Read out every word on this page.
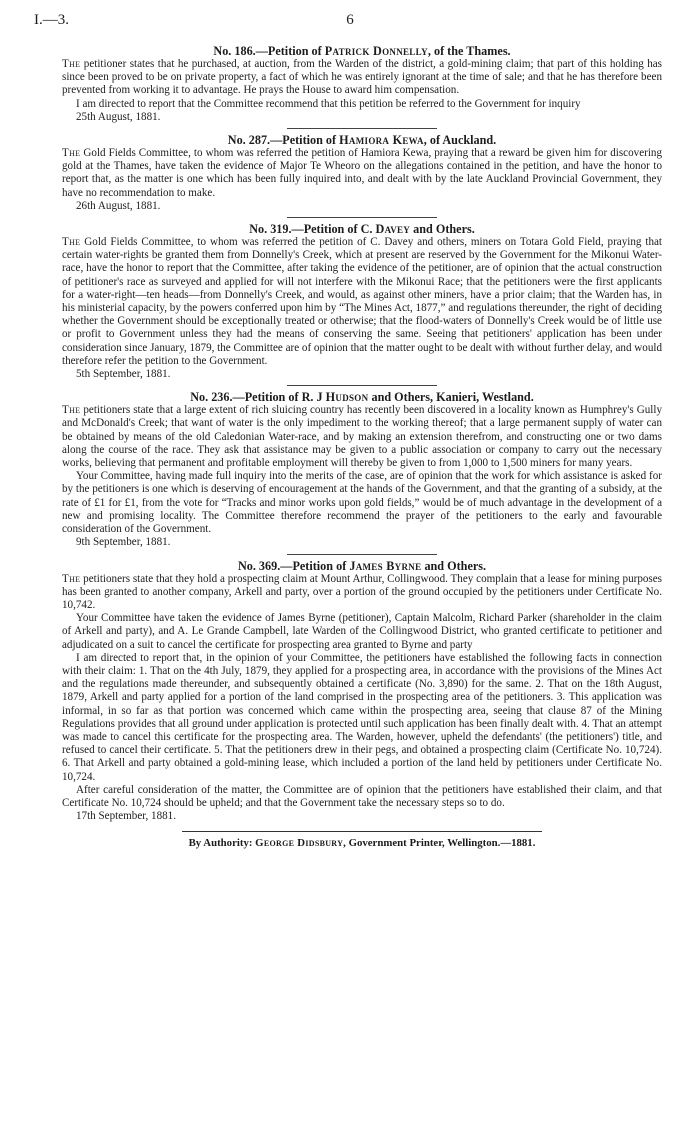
I.—3.	6
No. 186.—Petition of Patrick Donnelly, of the Thames.

The petitioner states that he purchased, at auction, from the Warden of the district, a gold-mining claim; that part of this holding has since been proved to be on private property, a fact of which he was entirely ignorant at the time of sale; and that he has therefore been prevented from working it to advantage. He prays the House to award him compensation.

I am directed to report that the Committee recommend that this petition be referred to the Government for inquiry

25th August, 1881.

No. 287.—Petition of Hamiora Kewa, of Auckland.

The Gold Fields Committee, to whom was referred the petition of Hamiora Kewa, praying that a reward be given him for discovering gold at the Thames, have taken the evidence of Major Te Wheoro on the allegations contained in the petition, and have the honor to report that, as the matter is one which has been fully inquired into, and dealt with by the late Auckland Provincial Government, they have no recommendation to make.

26th August, 1881.

No. 319.—Petition of C. Davey and Others.

The Gold Fields Committee, to whom was referred the petition of C. Davey and others, miners on Totara Gold Field, praying that certain water-rights be granted them from Donnelly's Creek, which at present are reserved by the Government for the Mikonui Water-race, have the honor to report that the Committee, after taking the evidence of the petitioner, are of opinion that the actual construction of petitioner's race as surveyed and applied for will not interfere with the Mikonui Race; that the petitioners were the first applicants for a water-right—ten heads—from Donnelly's Creek, and would, as against other miners, have a prior claim; that the Warden has, in his ministerial capacity, by the powers conferred upon him by “The Mines Act, 1877,” and regulations thereunder, the right of deciding whether the Government should be exceptionally treated or otherwise; that the flood-waters of Donnelly's Creek would be of little use or profit to Government unless they had the means of conserving the same. Seeing that petitioners' application has been under consideration since January, 1879, the Committee are of opinion that the matter ought to be dealt with without further delay, and would therefore refer the petition to the Government.

5th September, 1881.

No. 236.—Petition of R. J Hudson and Others, Kanieri, Westland.

The petitioners state that a large extent of rich sluicing country has recently been discovered in a locality known as Humphrey's Gully and McDonald's Creek; that want of water is the only impediment to the working thereof; that a large permanent supply of water can be obtained by means of the old Caledonian Water-race, and by making an extension therefrom, and constructing one or two dams along the course of the race. They ask that assistance may be given to a public association or company to carry out the necessary works, believing that permanent and profitable employment will thereby be given to from 1,000 to 1,500 miners for many years.

Your Committee, having made full inquiry into the merits of the case, are of opinion that the work for which assistance is asked for by the petitioners is one which is deserving of encouragement at the hands of the Government, and that the granting of a subsidy, at the rate of £1 for £1, from the vote for “Tracks and minor works upon gold fields,” would be of much advantage in the development of a new and promising locality. The Committee therefore recommend the prayer of the petitioners to the early and favourable consideration of the Government.

9th September, 1881.

No. 369.—Petition of James Byrne and Others.

The petitioners state that they hold a prospecting claim at Mount Arthur, Collingwood. They complain that a lease for mining purposes has been granted to another company, Arkell and party, over a portion of the ground occupied by the petitioners under Certificate No. 10,742.

Your Committee have taken the evidence of James Byrne (petitioner), Captain Malcolm, Richard Parker (shareholder in the claim of Arkell and party), and A. Le Grande Campbell, late Warden of the Collingwood District, who granted certificate to petitioner and adjudicated on a suit to cancel the certificate for prospecting area granted to Byrne and party

I am directed to report that, in the opinion of your Committee, the petitioners have established the following facts in connection with their claim: 1. That on the 4th July, 1879, they applied for a prospecting area, in accordance with the provisions of the Mines Act and the regulations made thereunder, and subsequently obtained a certificate (No. 3,890) for the same. 2. That on the 18th August, 1879, Arkell and party applied for a portion of the land comprised in the prospecting area of the petitioners. 3. This application was informal, in so far as that portion was concerned which came within the prospecting area, seeing that clause 87 of the Mining Regulations provides that all ground under application is protected until such application has been finally dealt with. 4. That an attempt was made to cancel this certificate for the prospecting area. The Warden, however, upheld the defendants' (the petitioners') title, and refused to cancel their certificate. 5. That the petitioners drew in their pegs, and obtained a prospecting claim (Certificate No. 10,724). 6. That Arkell and party obtained a gold-mining lease, which included a portion of the land held by petitioners under Certificate No. 10,724.

After careful consideration of the matter, the Committee are of opinion that the petitioners have established their claim, and that Certificate No. 10,724 should be upheld; and that the Government take the necessary steps so to do.

17th September, 1881.

By Authority: George Didsbury, Government Printer, Wellington.—1881.
